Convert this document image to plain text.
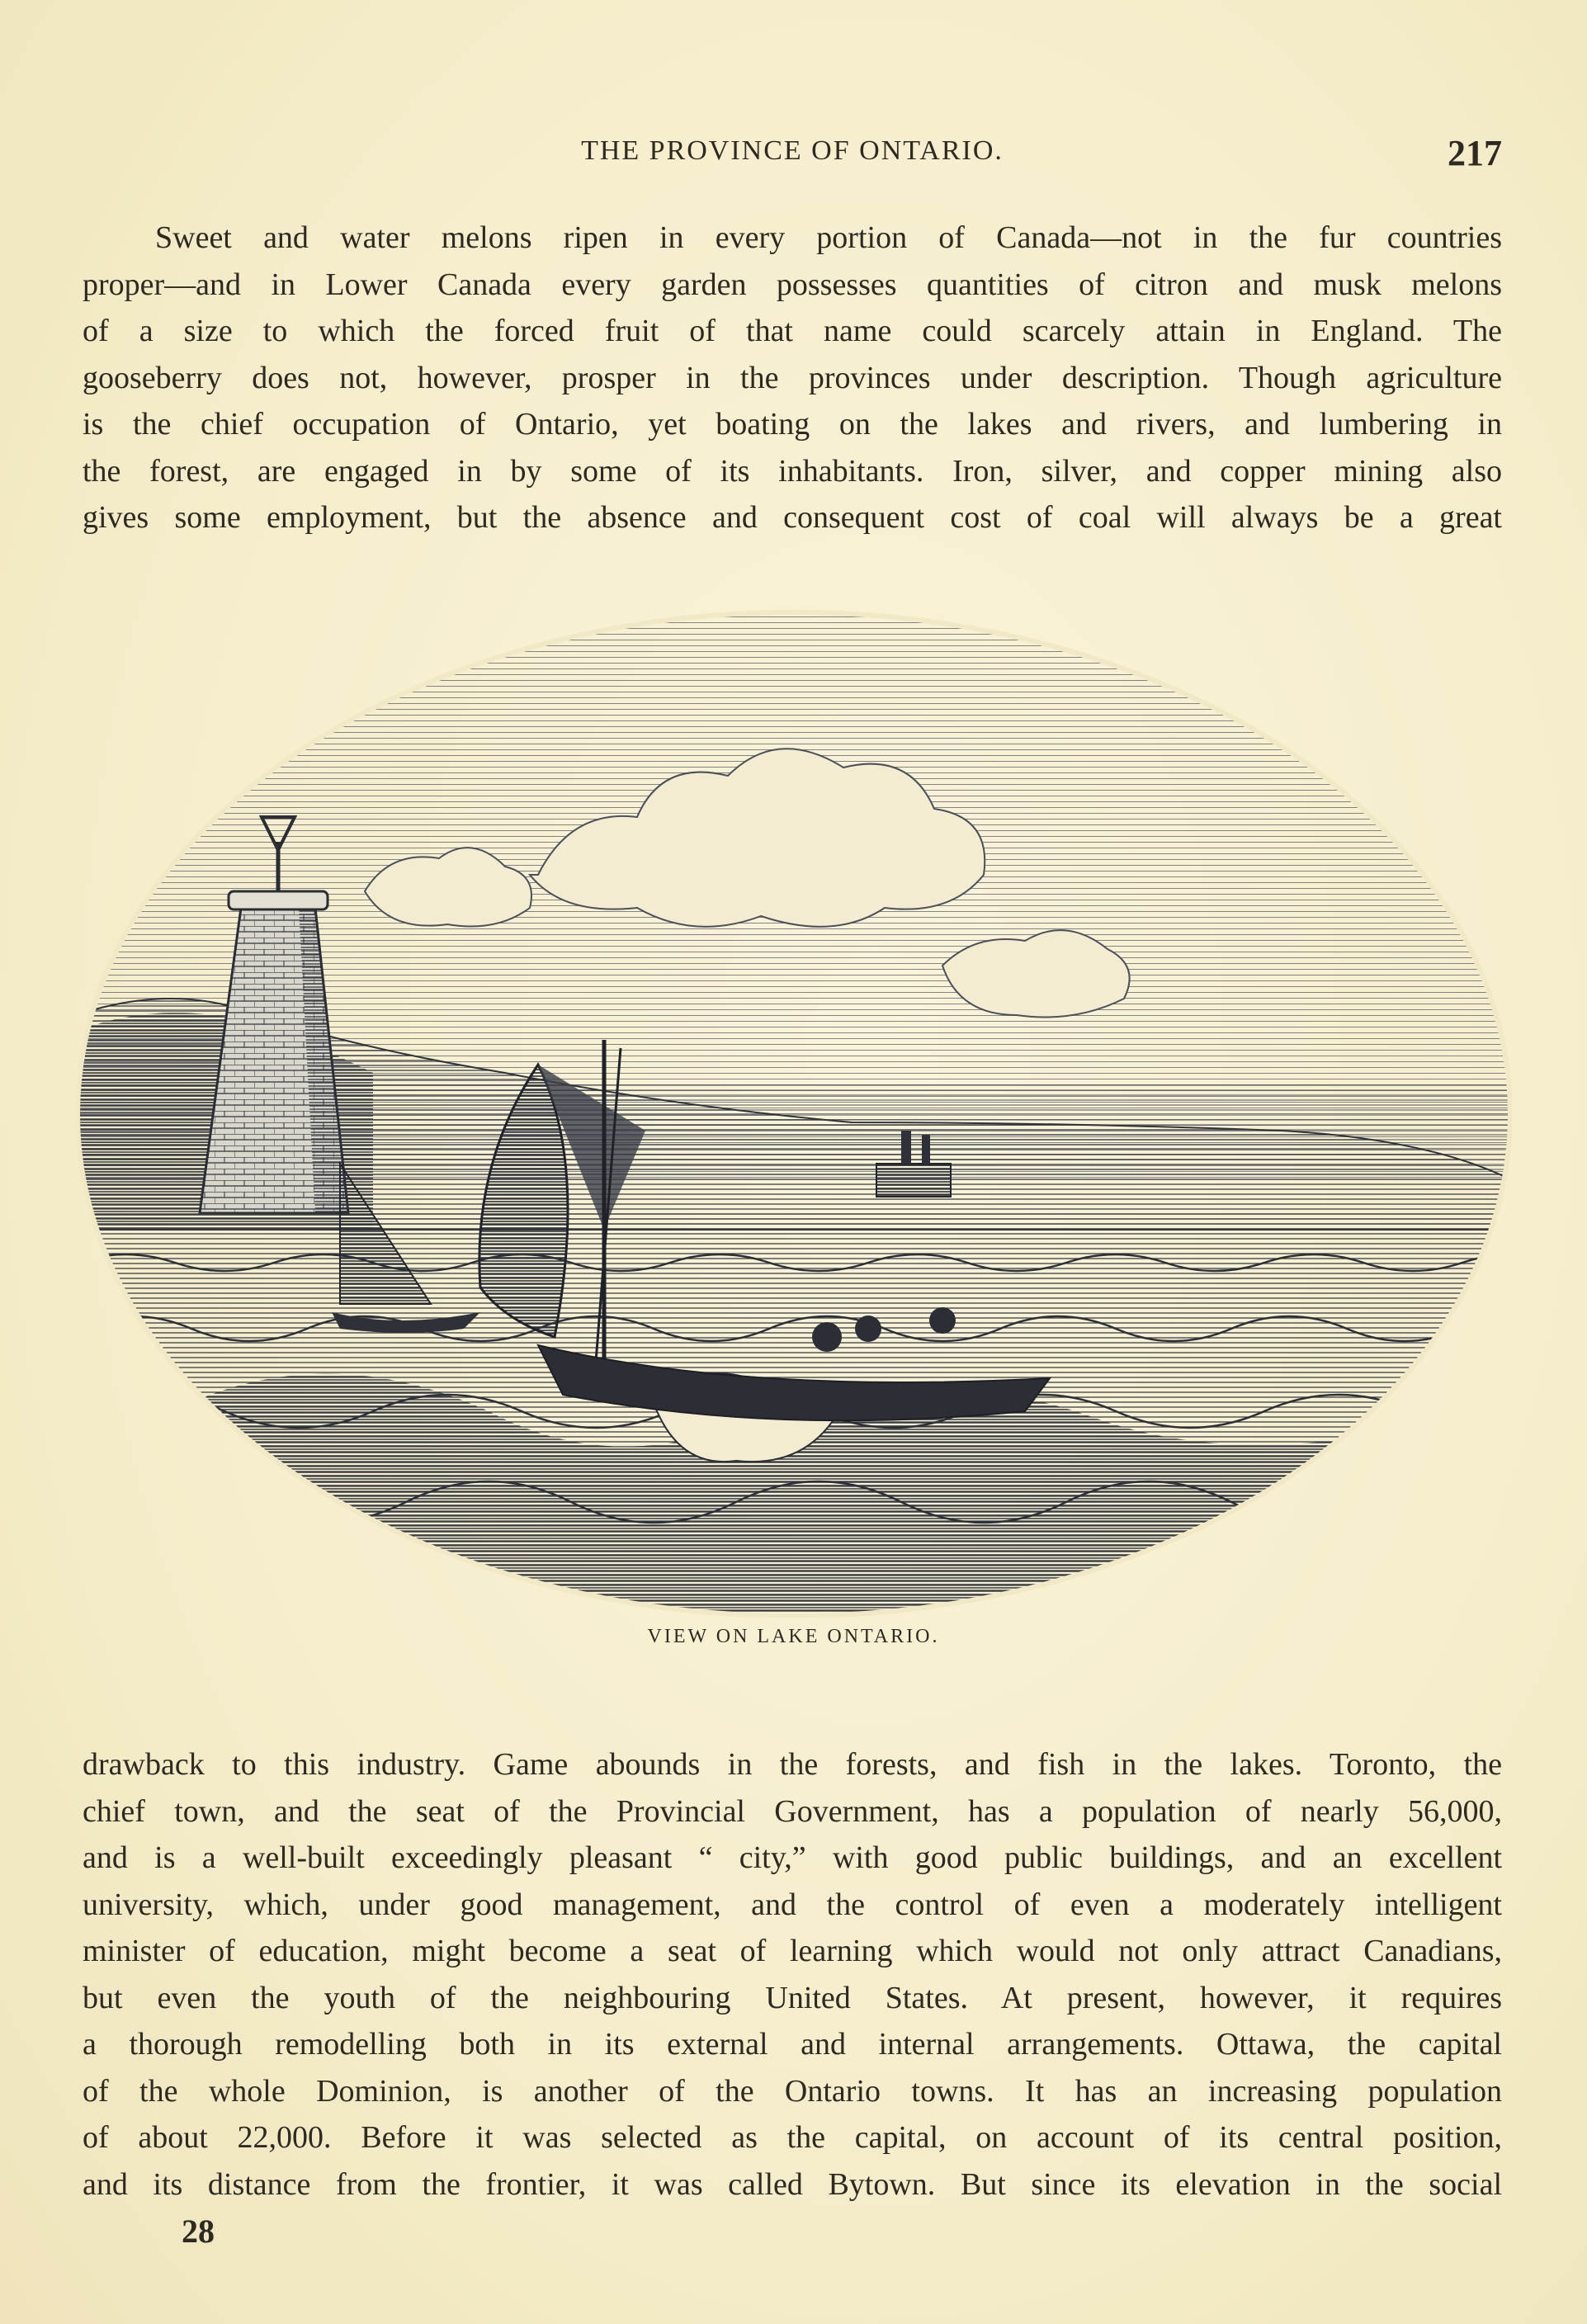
THE PROVINCE OF ONTARIO.	217

Sweet and water melons ripen in every portion of Canada—not in the fur countries
proper—and in Lower Canada every garden possesses quantities of citron and musk melons
of a size to which the forced fruit of that name could scarcely attain in England. The
gooseberry does not, however, prosper in the provinces under description. Though agriculture
is the chief occupation of Ontario, yet boating on the lakes and rivers, and lumbering in
the forest, are engaged in by some of its inhabitants. Iron, silver, and copper mining also
gives some employment, but the absence and consequent cost of coal will always be a great

VIEW ON LAKE ONTARIO.

drawback to this industry. Game abounds in the forests, and fish in the lakes. Toronto, the
chief town, and the seat of the Provincial Government, has a population of nearly 56,000,
and is a well-built exceedingly pleasant “ city,” with good public buildings, and an excellent
university, which, under good management, and the control of even a moderately intelligent
minister of education, might become a seat of learning which would not only attract Canadians,
but even the youth of the neighbouring United States. At present, however, it requires
a thorough remodelling both in its external and internal arrangements. Ottawa, the capital
of the whole Dominion, is another of the Ontario towns. It has an increasing population
of about 22,000. Before it was selected as the capital, on account of its central position,
and its distance from the frontier, it was called Bytown. But since its elevation in the social

28
